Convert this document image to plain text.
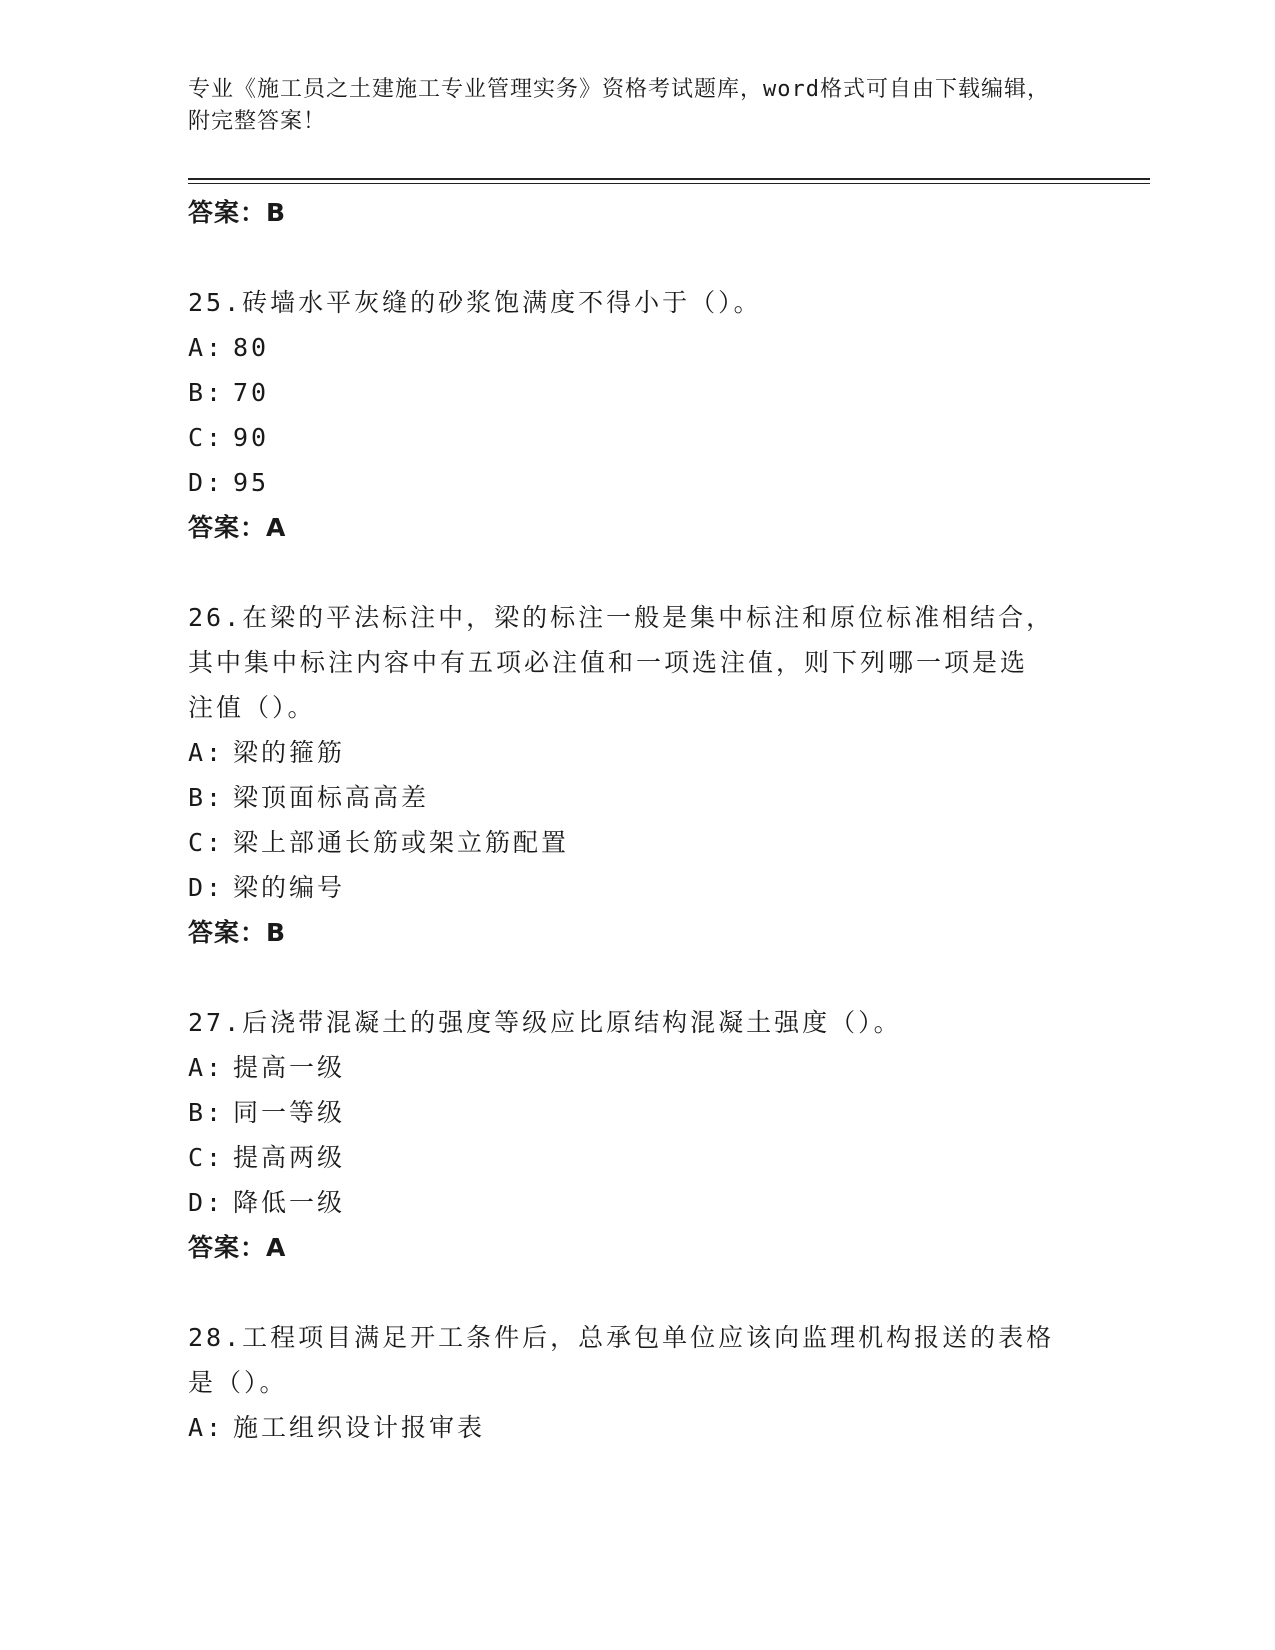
专业《施工员之土建施工专业管理实务》资格考试题库，word格式可自由下载编辑，附完整答案！
答案：B
25.砖墙水平灰缝的砂浆饱满度不得小于（）。
A: 80
B: 70
C: 90
D: 95
答案：A
26.在梁的平法标注中，梁的标注一般是集中标注和原位标准相结合，
其中集中标注内容中有五项必注值和一项选注值，则下列哪一项是选
注值（）。
A: 梁的箍筋
B: 梁顶面标高高差
C: 梁上部通长筋或架立筋配置
D: 梁的编号
答案：B
27.后浇带混凝土的强度等级应比原结构混凝土强度（）。
A: 提高一级
B: 同一等级
C: 提高两级
D: 降低一级
答案：A
28.工程项目满足开工条件后，总承包单位应该向监理机构报送的表格
是（）。
A: 施工组织设计报审表
